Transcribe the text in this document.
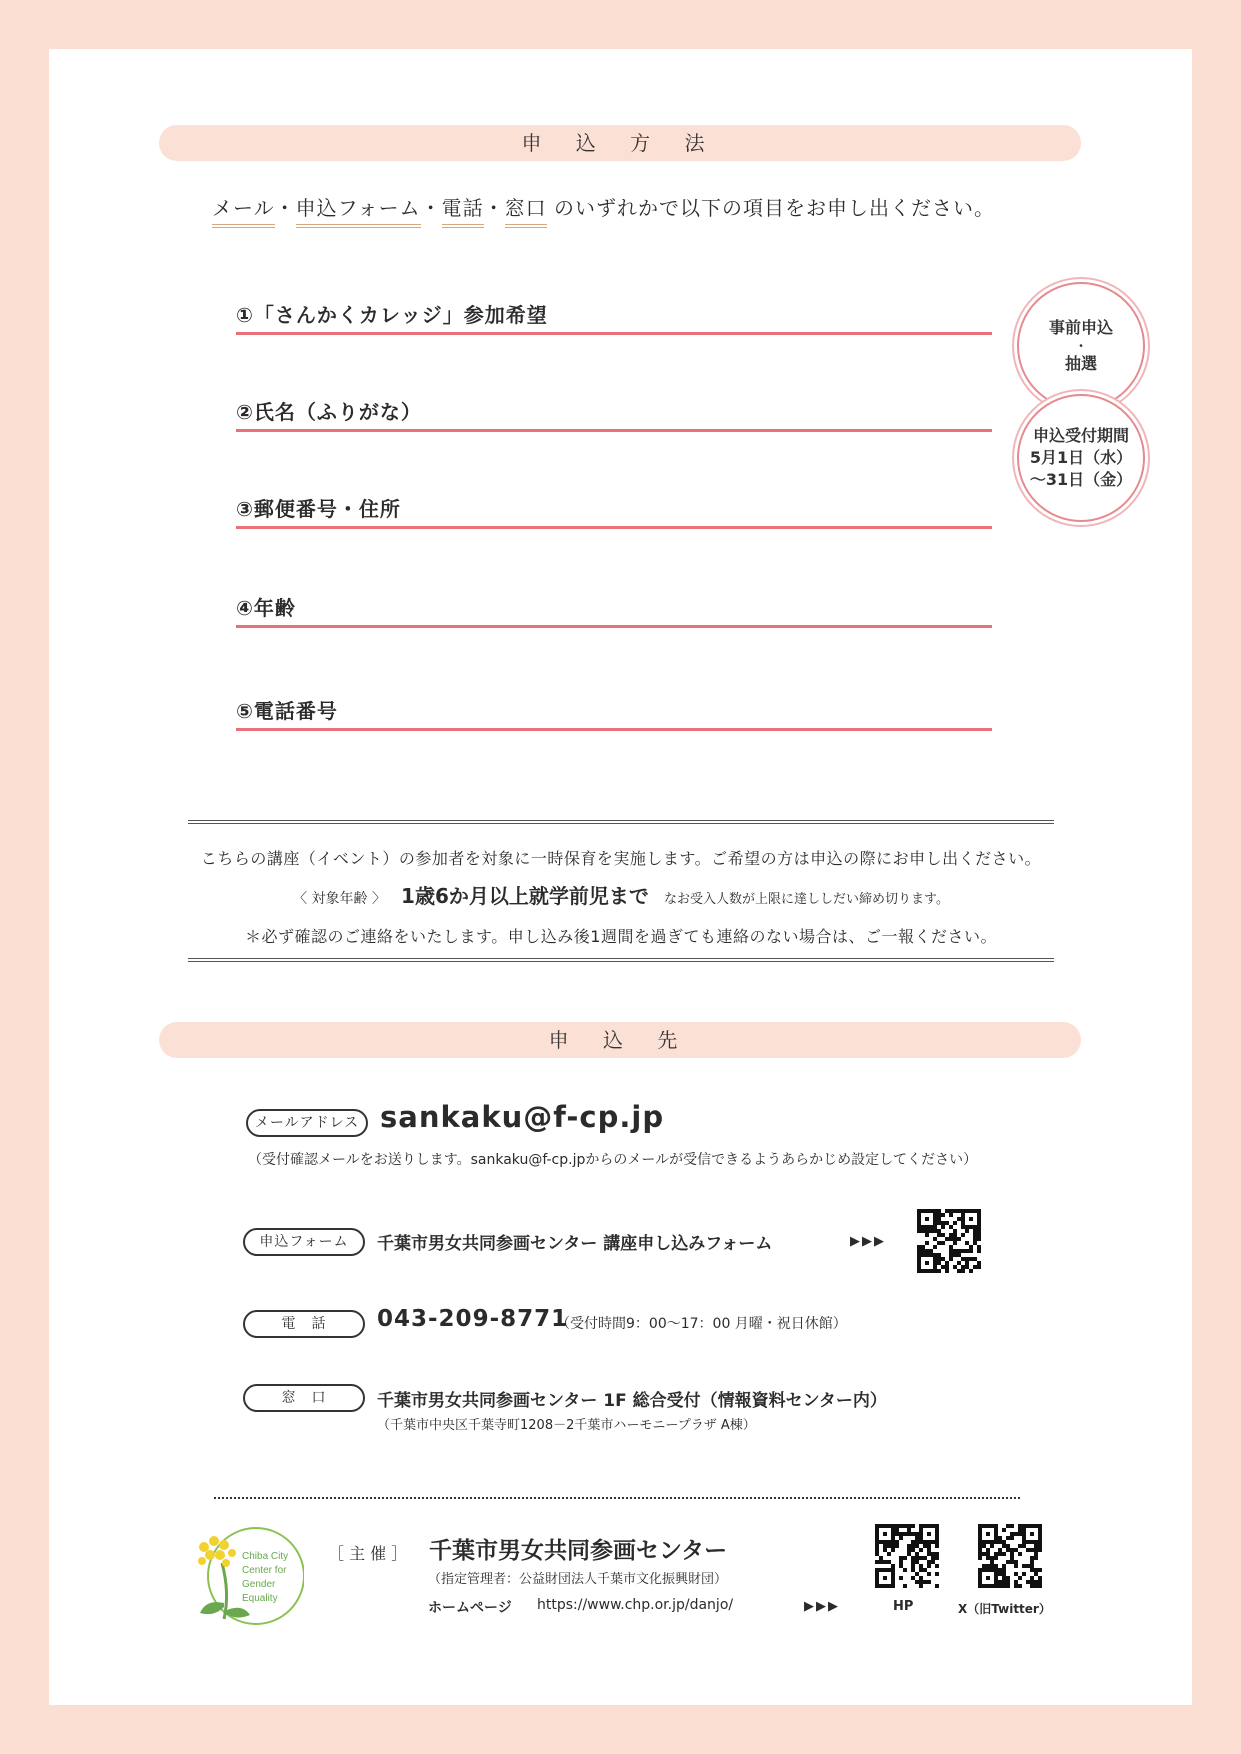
申 込 方 法
メール・申込フォーム・電話・窓口 のいずれかで以下の項目をお申し出ください。
①「さんかくカレッジ」参加希望
②氏名（ふりがな）
③郵便番号・住所
④年齢
⑤電話番号
事前申込
・
抽選
申込受付期間
5月1日（水）
～31日（金）
こちらの講座（イベント）の参加者を対象に一時保育を実施します。ご希望の方は申込の際にお申し出ください。
〈 対象年齢 〉 1歳6か月以上就学前児まで なお受入人数が上限に達ししだい締め切ります。
＊必ず確認のご連絡をいたします。申し込み後1週間を過ぎても連絡のない場合は、ご一報ください。
申 込 先
メールアドレス sankaku@f-cp.jp
（受付確認メールをお送りします。sankaku@f-cp.jpからのメールが受信できるようあらかじめ設定してください）
申込フォーム	千葉市男女共同参画センター 講座申し込みフォーム	▶▶▶
電　話	043-209-8771
（受付時間9：00～17：00 月曜・祝日休館）
窓　口	千葉市男女共同参画センター 1F 総合受付（情報資料センター内）
（千葉市中央区千葉寺町1208－2千葉市ハーモニープラザ A棟）
Chiba City
Center for
Gender
Equality
［ 主 催 ］ 千葉市男女共同参画センター
（指定管理者：公益財団法人千葉市文化振興財団）
ホームページ https://www.chp.or.jp/danjo/	▶▶▶	HP	X（旧Twitter）
